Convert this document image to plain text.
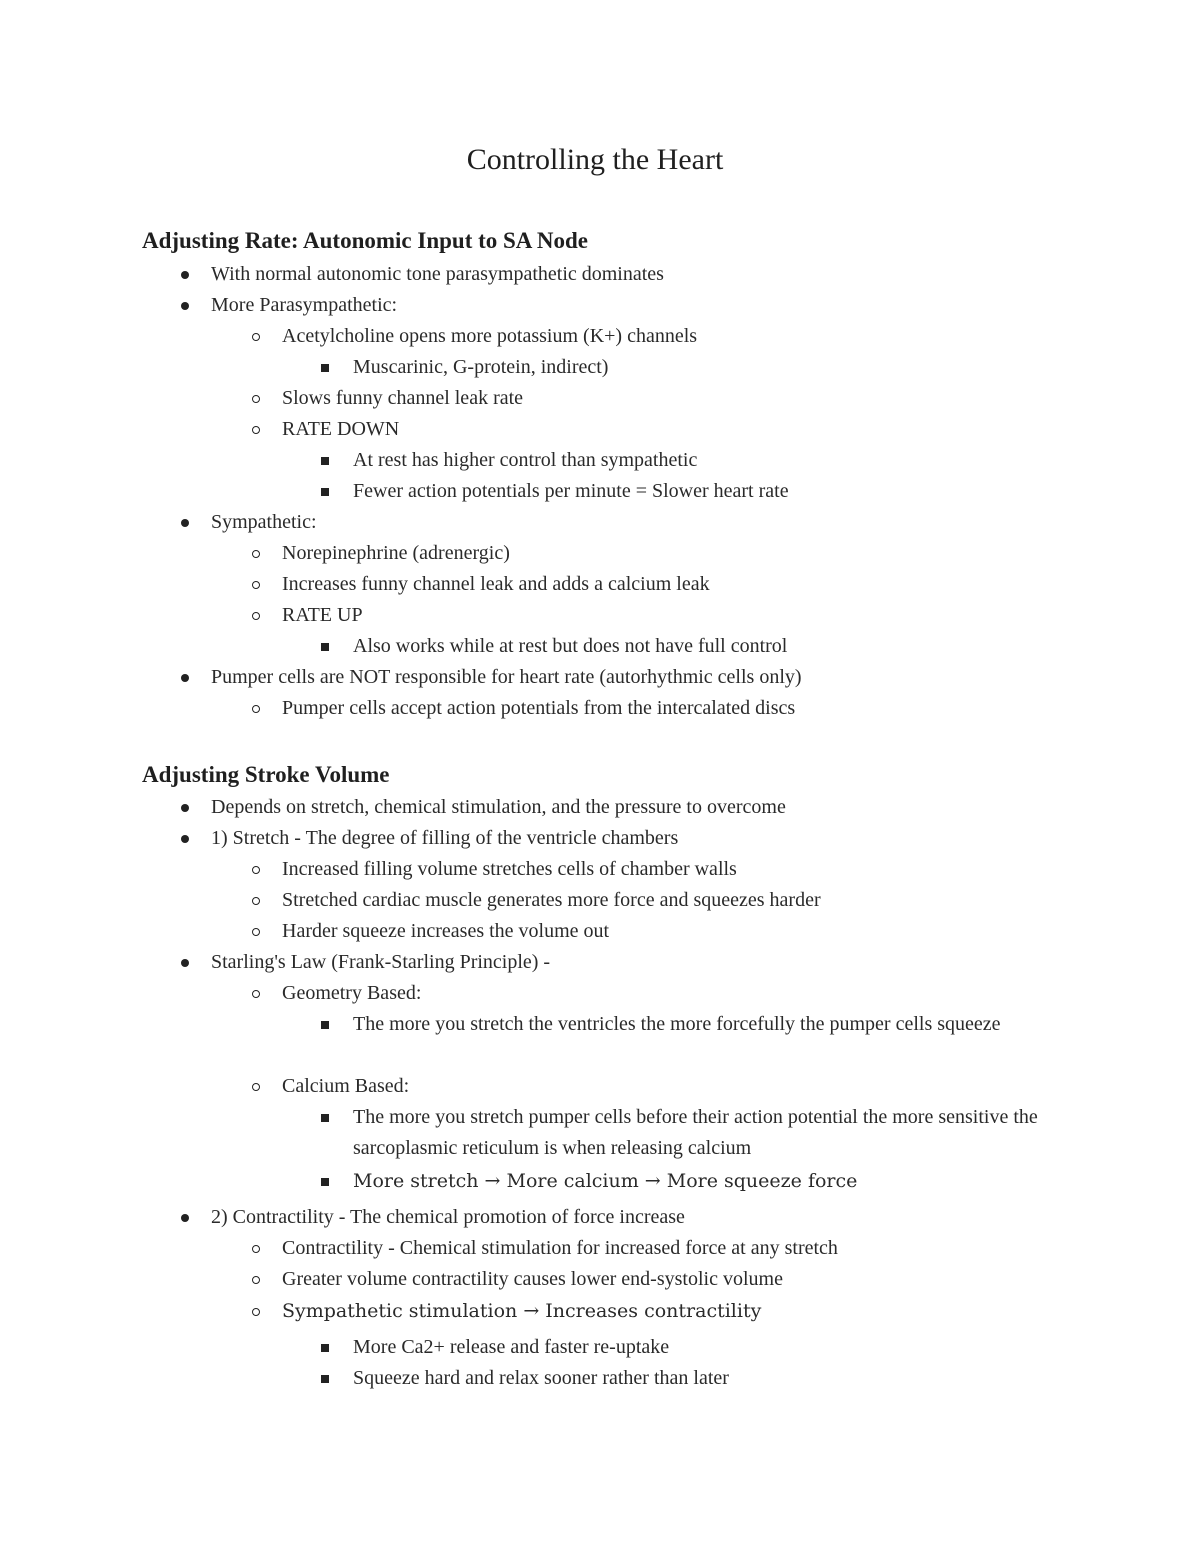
Controlling the Heart
Adjusting Rate: Autonomic Input to SA Node
With normal autonomic tone parasympathetic dominates
More Parasympathetic:
Acetylcholine opens more potassium (K+) channels
Muscarinic, G-protein, indirect)
Slows funny channel leak rate
RATE DOWN
At rest has higher control than sympathetic
Fewer action potentials per minute = Slower heart rate
Sympathetic:
Norepinephrine (adrenergic)
Increases funny channel leak and adds a calcium leak
RATE UP
Also works while at rest but does not have full control
Pumper cells are NOT responsible for heart rate (autorhythmic cells only)
Pumper cells accept action potentials from the intercalated discs
Adjusting Stroke Volume
Depends on stretch, chemical stimulation, and the pressure to overcome
1) Stretch - The degree of filling of the ventricle chambers
Increased filling volume stretches cells of chamber walls
Stretched cardiac muscle generates more force and squeezes harder
Harder squeeze increases the volume out
Starling's Law (Frank-Starling Principle) -
Geometry Based:
The more you stretch the ventricles the more forcefully the pumper cells squeeze
Calcium Based:
The more you stretch pumper cells before their action potential the more sensitive the sarcoplasmic reticulum is when releasing calcium
More stretch → More calcium → More squeeze force
2) Contractility - The chemical promotion of force increase
Contractility - Chemical stimulation for increased force at any stretch
Greater volume contractility causes lower end-systolic volume
Sympathetic stimulation → Increases contractility
More Ca2+ release and faster re-uptake
Squeeze hard and relax sooner rather than later
